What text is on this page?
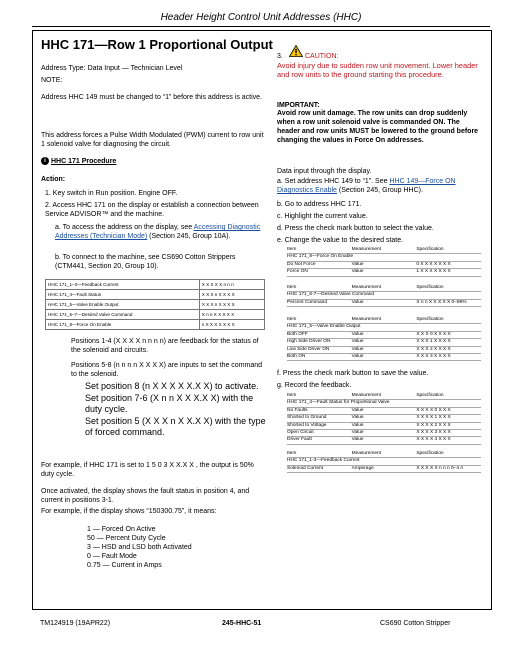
Header Height Control Unit Addresses (HHC)
HHC 171—Row 1 Proportional Output
Address Type: Data Input — Technician Level
NOTE:
Address HHC 149 must be changed to “1” before this address is active.
This address forces a Pulse Width Modulated (PWM) current to row unit 1 solenoid valve for diagnosing the circuit.
i HHC 171 Procedure
Action:
1. Key switch in Run position. Engine OFF.
2. Access HHC 171 on the display or establish a connection between Service ADVISOR™ and the machine.
a. To access the address on the display, see Accessing Diagnostic Addresses (Technician Mode) (Section 245, Group 10A).
b. To connect to the machine, see CS690 Cotton Strippers (CTM441, Section 20, Group 10).
HHC 171_1–3—Feedback Current	X X X X X n n n
HHC 171_4—Fault Status	X X X n X X X X
HHC 171_5—Valve Enable Output	X X X n X X X X
HHC 171_6–7—Desired Valve Command	X n n X X X X X
HHC 171_8—Force On Enable	n X X X X X X X
Positions 1-4 (X X X X n n n n) are feedback for the status of the solenoid and circuits.
Positions 5-8 (n n n n X X X X) are inputs to set the command to the solenoid.
Set position 8 (n X X X X X.X X) to activate.
Set position 7-6 (X n n X X X.X X) with the duty cycle.
Set position 5 (X X X n X X.X X) with the type of forced command.
For example, if HHC 171 is set to 1 5 0 3 X X.X X , the output is 50% duty cycle.
Once activated, the display shows the fault status in position 4, and current in positions 3-1.
For example, if the display shows “150300.75”, it means:
1 — Forced On Active
50 — Percent Duty Cycle
3 — HSD and LSD both Activated
0 — Fault Mode
0.75 — Current in Amps
3.	CAUTION:
Avoid injury due to sudden row unit movement. Lower header and row units to the ground starting this procedure.
IMPORTANT:
Avoid row unit damage. The row units can drop suddenly when a row unit solenoid valve is commanded ON. The header and row units MUST be lowered to the ground before changing the values in Force On addresses.
Data input through the display.
a. Set address HHC 149 to “1”. See HHC 149—Force ON Diagnostics Enable (Section 245, Group HHC).
b. Go to address HHC 171.
c. Highlight the current value.
d. Press the check mark button to select the value.
e. Change the value to the desired state.
Item	Measurement	Specification
HHC 171_8—Force On Enable
Do Not Force	Value	0 X X X X X X X
Force ON	Value	1 X X X X X X X
Item	Measurement	Specification
HHC 171_6-7—Desired Valve Command
Percent Command	Value	X n n X X X X X 0–99%
Item	Measurement	Specification
HHC 171_5—Valve Enable Output
Both OFF	Value	X X X 0 X X X X
High Side Driver ON	Value	X X X 1 X X X X
Low Side Driver ON	Value	X X X 2 X X X X
Both ON	Value	X X X 3 X X X X
f. Press the check mark button to save the value.
g. Record the feedback.
Item	Measurement	Specification
HHC 171_4—Fault Status for Proportional Valve
No Faults	Value	X X X X 0 X X X
Shorted to Ground	Value	X X X X 1 X X X
Shorted to Voltage	Value	X X X X 2 X X X
Open Circuit	Value	X X X X 3 X X X
Driver Fault	Value	X X X X 4 X X X
Item	Measurement	Specification
HHC 171_1-3—Feedback Current
Solenoid Current	Amperage	X X X X X n n n 0–4 A
TM124919 (19APR22)	245-HHC-51	CS690 Cotton Stripper
